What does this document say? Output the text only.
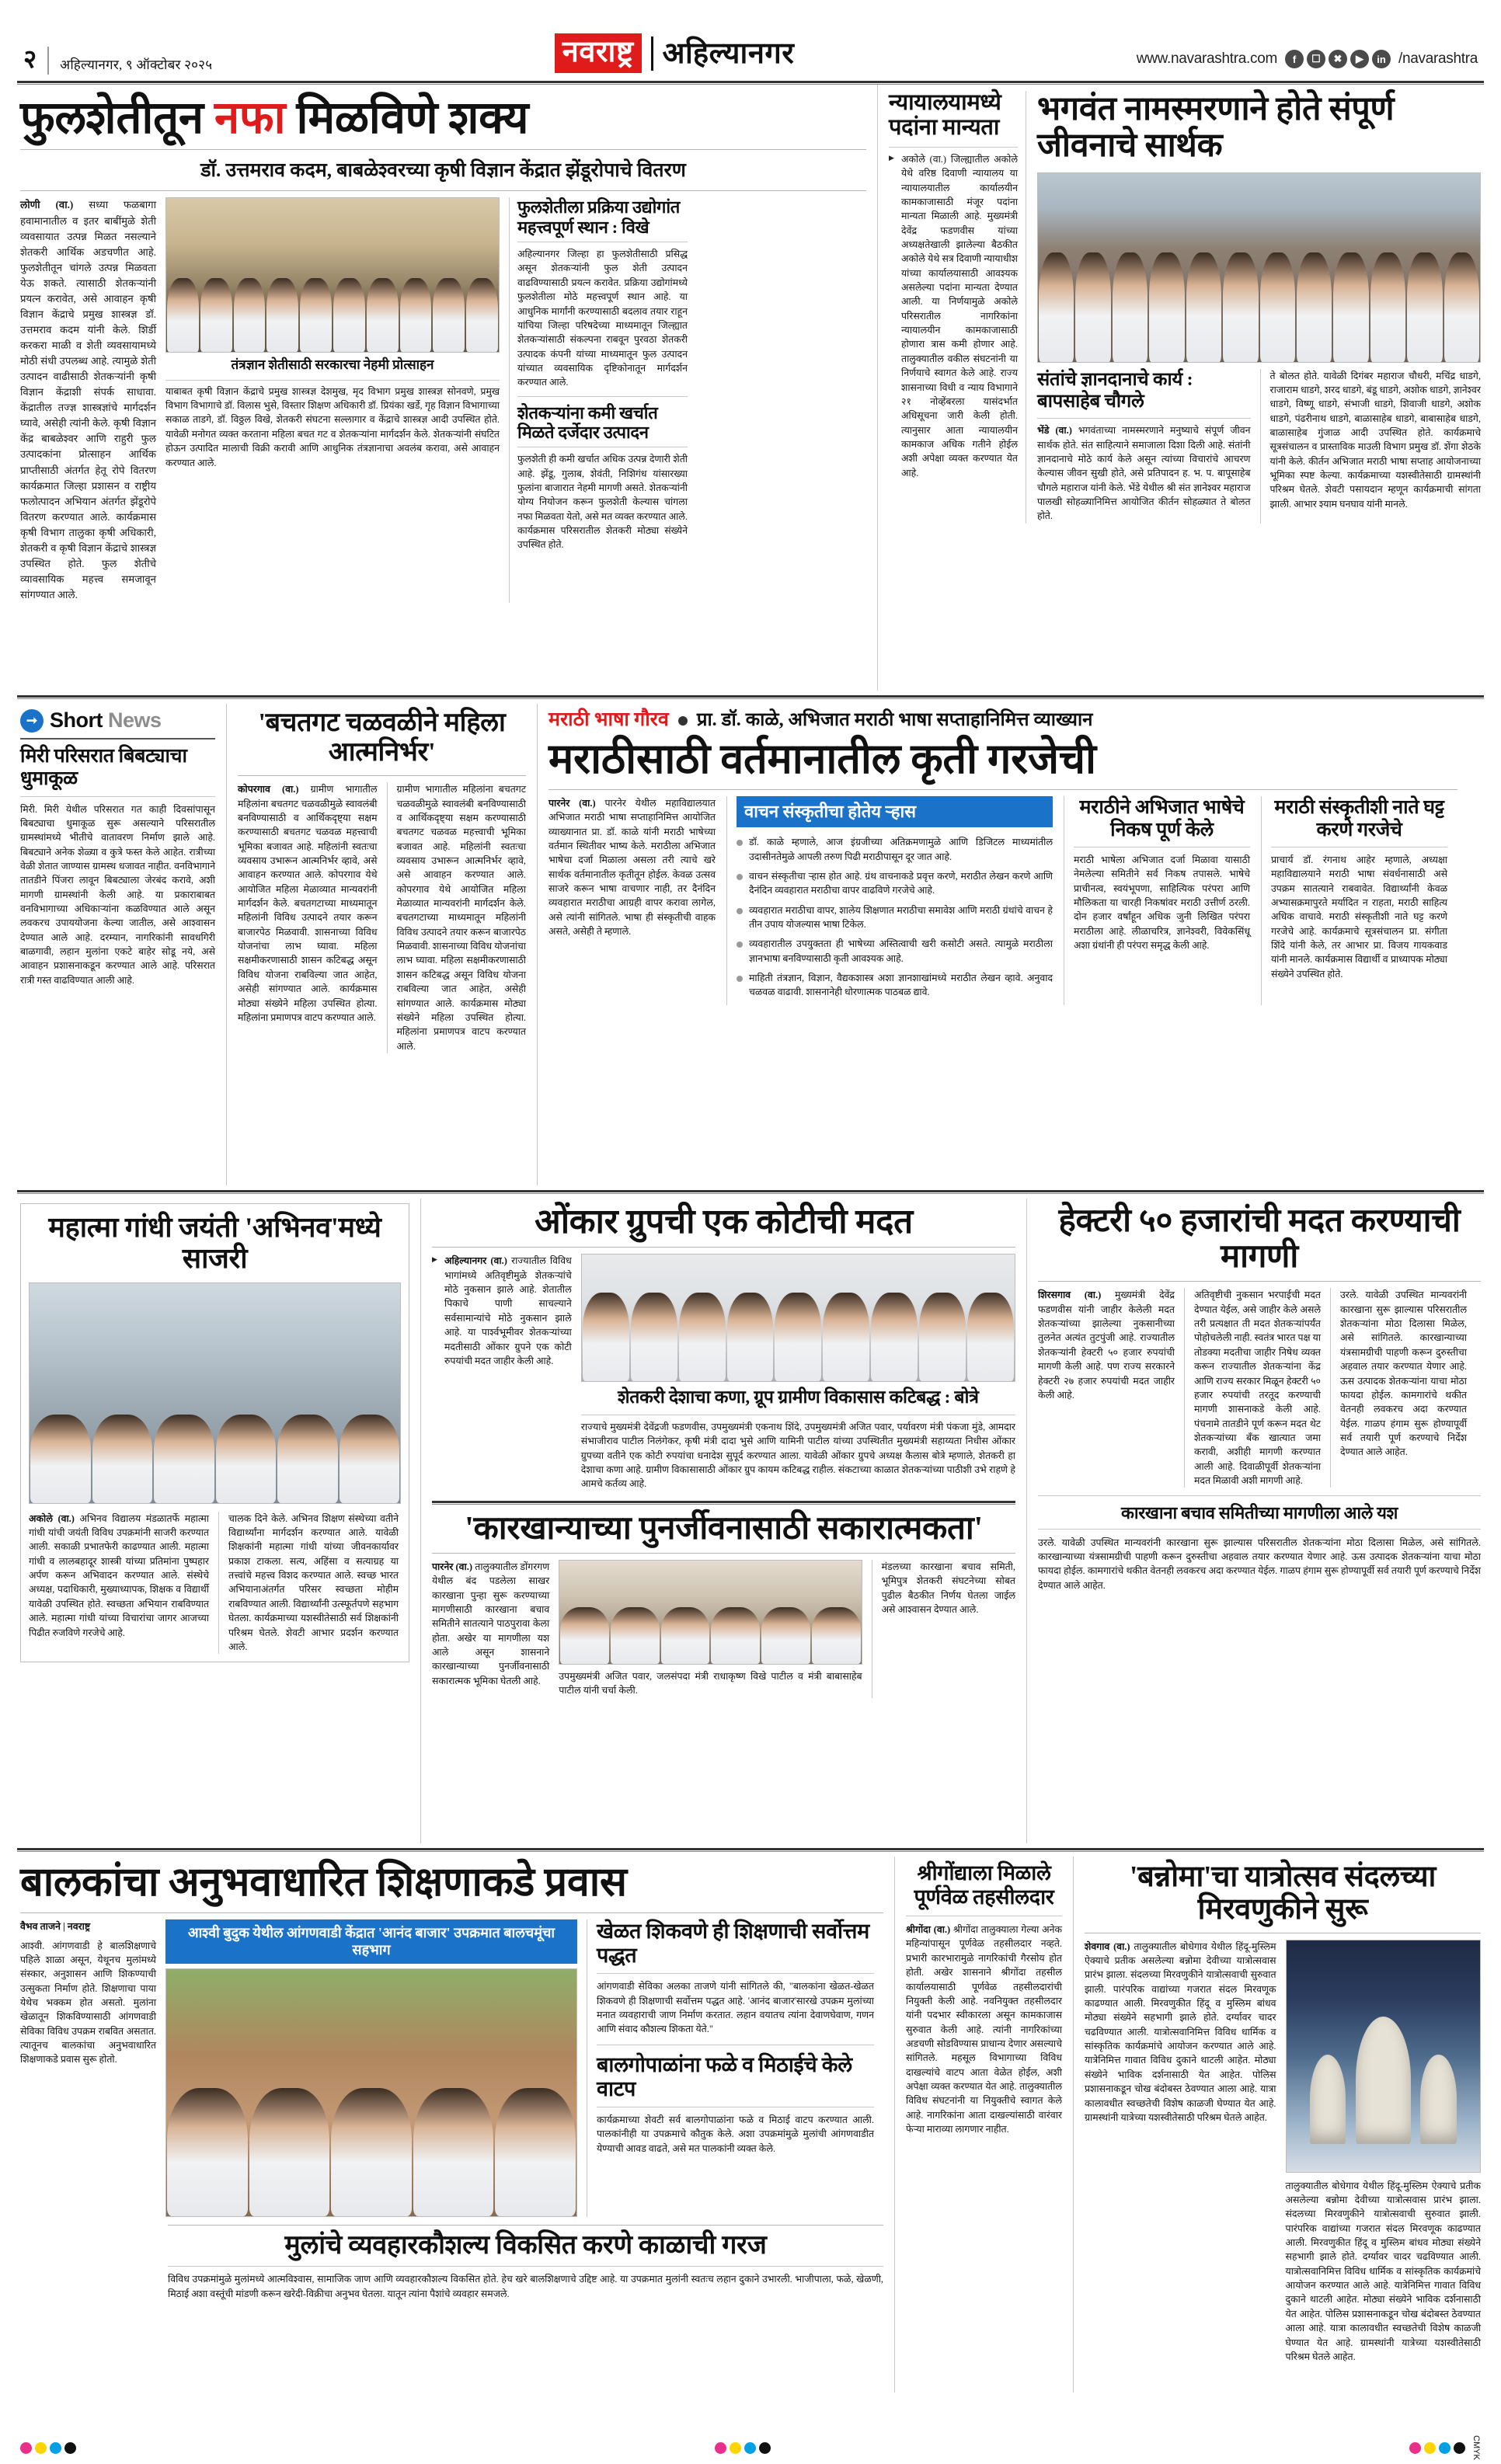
२ अहिल्यानगर, ९ ऑक्टोबर २०२५	नवराष्ट्र अहिल्यानगर	www.navarashtra.com	f	☐	✖	▶	in /navarashtra
फुलशेतीतून नफा मिळविणे शक्य
डॉ. उत्तमराव कदम, बाबळेश्वरच्या कृषी विज्ञान केंद्रात झेंडूरोपाचे वितरण

लोणी (वा.) सध्या फळबागा हवामानातील व इतर बाबींमुळे शेती व्यवसायात उत्पन्न मिळत नसल्याने शेतकरी आर्थिक अडचणीत आहे. फुलशेतीतून चांगले उत्पन्न मिळवता येऊ शकते. त्यासाठी शेतकऱ्यांनी प्रयत्न करावेत, असे आवाहन कृषी विज्ञान केंद्राचे प्रमुख शास्त्रज्ञ डॉ. उत्तमराव कदम यांनी केले. शिर्डी करकरा माळी व शेती व्यवसायामध्ये मोठी संधी उपलब्ध आहे. त्यामुळे शेती उत्पादन वाढीसाठी शेतकऱ्यांनी कृषी विज्ञान केंद्राशी संपर्क साधावा. केंद्रातील तज्ज्ञ शास्त्रज्ञांचे मार्गदर्शन घ्यावे, असेही त्यांनी केले. कृषी विज्ञान केंद्र बाबळेश्वर आणि राहुरी फुल उत्पादकांना प्रोत्साहन आर्थिक प्राप्तीसाठी अंतर्गत हेतू रोपे वितरण कार्यक्रमात जिल्हा प्रशासन व राष्ट्रीय फलोत्पादन अभियान अंतर्गत झेंडूरोपे वितरण करण्यात आले. कार्यक्रमास कृषी विभाग तालुका कृषी अधिकारी, शेतकरी व कृषी विज्ञान केंद्राचे शास्त्रज्ञ उपस्थित होते. फुल शेतीचे व्यावसायिक महत्त्व समजावून सांगण्यात आले.

तंत्रज्ञान शेतीसाठी सरकारचा नेहमी प्रोत्साहन

याबाबत कृषी विज्ञान केंद्राचे प्रमुख शास्त्रज्ञ देशमुख, मृद विभाग प्रमुख शास्त्रज्ञ सोनवणे, प्रमुख विभाग विभागाचे डॉ. विलास भुसे, विस्तार शिक्षण अधिकारी डॉ. प्रियंका खर्डे, गृह विज्ञान विभागाच्या सकाळ ताडगे, डॉ. विठ्ठल विखे, शेतकरी संघटना सल्लागार व केंद्राचे शास्त्रज्ञ आदी उपस्थित होते. यावेळी मनोगत व्यक्त करताना महिला बचत गट व शेतकऱ्यांना मार्गदर्शन केले. शेतकऱ्यांनी संघटित होऊन उत्पादित मालाची विक्री करावी आणि आधुनिक तंत्रज्ञानाचा अवलंब करावा, असे आवाहन करण्यात आले.

फुलशेतीला प्रक्रिया उद्योगांत महत्त्वपूर्ण स्थान : विखे

अहिल्यानगर जिल्हा हा फुलशेतीसाठी प्रसिद्ध असून शेतकऱ्यांनी फुल शेती उत्पादन वाढविण्यासाठी प्रयत्न करावेत. प्रक्रिया उद्योगांमध्ये फुलशेतीला मोठे महत्त्वपूर्ण स्थान आहे. या आधुनिक मार्गांनी करण्यासाठी बदलाव तयार राहून यांचिया जिल्हा परिषदेच्या माध्यमातून जिल्ह्यात शेतकऱ्यांसाठी संकल्पना राबवून पुरवठा शेतकरी उत्पादक कंपनी यांच्या माध्यमातून फुल उत्पादन यांच्यात व्यवसायिक दृष्टिकोनातून मार्गदर्शन करण्यात आले.

शेतकऱ्यांना कमी खर्चात मिळते दर्जेदार उत्पादन

फुलशेती ही कमी खर्चात अधिक उत्पन्न देणारी शेती आहे. झेंडू, गुलाब, शेवंती, निशिगंध यांसारख्या फुलांना बाजारात नेहमी मागणी असते. शेतकऱ्यांनी योग्य नियोजन करून फुलशेती केल्यास चांगला नफा मिळवता येतो, असे मत व्यक्त करण्यात आले. कार्यक्रमास परिसरातील शेतकरी मोठ्या संख्येने उपस्थित होते.

न्यायालयामध्ये पदांना मान्यता
▶ अकोले (वा.) जिल्ह्यातील अकोले येथे वरिष्ठ दिवाणी न्यायालय या न्यायालयातील कार्यालयीन कामकाजासाठी मंजूर पदांना मान्यता मिळाली आहे. मुख्यमंत्री देवेंद्र फडणवीस यांच्या अध्यक्षतेखाली झालेल्या बैठकीत अकोले येथे सत्र दिवाणी न्यायाधीश यांच्या कार्यालयासाठी आवश्यक असलेल्या पदांना मान्यता देण्यात आली. या निर्णयामुळे अकोले परिसरातील नागरिकांना न्यायालयीन कामकाजासाठी होणारा त्रास कमी होणार आहे. तालुक्यातील वकील संघटनांनी या निर्णयाचे स्वागत केले आहे. राज्य शासनाच्या विधी व न्याय विभागाने २१ नोव्हेंबरला यासंदर्भात अधिसूचना जारी केली होती. त्यानुसार आता न्यायालयीन कामकाज अधिक गतीने होईल अशी अपेक्षा व्यक्त करण्यात येत आहे.
भगवंत नामस्मरणाने होते संपूर्ण जीवनाचे सार्थक
संतांचे ज्ञानदानाचे कार्य : बापसाहेब चौगले

भेंडे (वा.) भगवंताच्या नामस्मरणाने मनुष्याचे संपूर्ण जीवन सार्थक होते. संत साहित्याने समाजाला दिशा दिली आहे. संतांनी ज्ञानदानाचे मोठे कार्य केले असून त्यांच्या विचारांचे आचरण केल्यास जीवन सुखी होते, असे प्रतिपादन ह. भ. प. बापूसाहेब चौगले महाराज यांनी केले. भेंडे येथील श्री संत ज्ञानेश्वर महाराज पालखी सोहळ्यानिमित्त आयोजित कीर्तन सोहळ्यात ते बोलत होते.

ते बोलत होते. यावेळी दिगंबर महाराज चौधरी, मचिंद्र धाडगे, राजाराम धाडगे, शरद धाडगे, बंडू धाडगे, अशोक धाडगे, ज्ञानेश्वर धाडगे, विष्णू धाडगे, संभाजी धाडगे, शिवाजी धाडगे, अशोक धाडगे, पंढरीनाथ धाडगे, बाळासाहेब धाडगे, बाबासाहेब धाडगे, बाळासाहेब गुंजाळ आदी उपस्थित होते. कार्यक्रमाचे सूत्रसंचालन व प्रास्ताविक माउली विभाग प्रमुख डॉ. शेंगा शेठके यांनी केले. कीर्तन अभिजात मराठी भाषा सप्ताह आयोजनाच्या भूमिका स्पष्ट केल्या. कार्यक्रमाच्या यशस्वीतेसाठी ग्रामस्थांनी परिश्रम घेतले. शेवटी पसायदान म्हणून कार्यक्रमाची सांगता झाली. आभार श्याम घनघाव यांनी मानले.

➞ Short News
मिरी परिसरात बिबट्याचा धुमाकूळ

मिरी. मिरी येथील परिसरात गत काही दिवसांपासून बिबट्याचा धुमाकूळ सुरू असल्याने परिसरातील ग्रामस्थांमध्ये भीतीचे वातावरण निर्माण झाले आहे. बिबट्याने अनेक शेळ्या व कुत्रे फस्त केले आहेत. रात्रीच्या वेळी शेतात जाण्यास ग्रामस्थ धजावत नाहीत. वनविभागाने तातडीने पिंजरा लावून बिबट्याला जेरबंद करावे, अशी मागणी ग्रामस्थांनी केली आहे. या प्रकाराबाबत वनविभागाच्या अधिकाऱ्यांना कळविण्यात आले असून लवकरच उपाययोजना केल्या जातील, असे आश्वासन देण्यात आले आहे. दरम्यान, नागरिकांनी सावधगिरी बाळगावी, लहान मुलांना एकटे बाहेर सोडू नये, असे आवाहन प्रशासनाकडून करण्यात आले आहे. परिसरात रात्री गस्त वाढविण्यात आली आहे.

'बचतगट चळवळीने महिला आत्मनिर्भर'

कोपरगाव (वा.) ग्रामीण भागातील महिलांना बचतगट चळवळीमुळे स्वावलंबी बनविण्यासाठी व आर्थिकदृष्ट्या सक्षम करण्यासाठी बचतगट चळवळ महत्त्वाची भूमिका बजावत आहे. महिलांनी स्वतःचा व्यवसाय उभारून आत्मनिर्भर व्हावे, असे आवाहन करण्यात आले. कोपरगाव येथे आयोजित महिला मेळाव्यात मान्यवरांनी मार्गदर्शन केले. बचतगटाच्या माध्यमातून महिलांनी विविध उत्पादने तयार करून बाजारपेठ मिळवावी. शासनाच्या विविध योजनांचा लाभ घ्यावा. महिला सक्षमीकरणासाठी शासन कटिबद्ध असून विविध योजना राबविल्या जात आहेत, असेही सांगण्यात आले. कार्यक्रमास मोठ्या संख्येने महिला उपस्थित होत्या. महिलांना प्रमाणपत्र वाटप करण्यात आले.

ग्रामीण भागातील महिलांना बचतगट चळवळीमुळे स्वावलंबी बनविण्यासाठी व आर्थिकदृष्ट्या सक्षम करण्यासाठी बचतगट चळवळ महत्त्वाची भूमिका बजावत आहे. महिलांनी स्वतःचा व्यवसाय उभारून आत्मनिर्भर व्हावे, असे आवाहन करण्यात आले. कोपरगाव येथे आयोजित महिला मेळाव्यात मान्यवरांनी मार्गदर्शन केले. बचतगटाच्या माध्यमातून महिलांनी विविध उत्पादने तयार करून बाजारपेठ मिळवावी. शासनाच्या विविध योजनांचा लाभ घ्यावा. महिला सक्षमीकरणासाठी शासन कटिबद्ध असून विविध योजना राबविल्या जात आहेत, असेही सांगण्यात आले. कार्यक्रमास मोठ्या संख्येने महिला उपस्थित होत्या. महिलांना प्रमाणपत्र वाटप करण्यात आले.

मराठी भाषा गौरव प्रा. डॉ. काळे, अभिजात मराठी भाषा सप्ताहानिमित्त व्याख्यान
मराठीसाठी वर्तमानातील कृती गरजेची

पारनेर (वा.) पारनेर येथील महाविद्यालयात अभिजात मराठी भाषा सप्ताहानिमित्त आयोजित व्याख्यानात प्रा. डॉ. काळे यांनी मराठी भाषेच्या वर्तमान स्थितीवर भाष्य केले. मराठीला अभिजात भाषेचा दर्जा मिळाला असला तरी त्याचे खरे सार्थक वर्तमानातील कृतीतून होईल. केवळ उत्सव साजरे करून भाषा वाचणार नाही, तर दैनंदिन व्यवहारात मराठीचा आग्रही वापर करावा लागेल, असे त्यांनी सांगितले. भाषा ही संस्कृतीची वाहक असते, असेही ते म्हणाले.

वाचन संस्कृतीचा होतेय ऱ्हास
डॉ. काळे म्हणाले, आज इंग्रजीच्या अतिक्रमणामुळे आणि डिजिटल माध्यमांतील उदासीनतेमुळे आपली तरुण पिढी मराठीपासून दूर जात आहे.
वाचन संस्कृतीचा ऱ्हास होत आहे. ग्रंथ वाचनाकडे प्रवृत्त करणे, मराठीत लेखन करणे आणि दैनंदिन व्यवहारात मराठीचा वापर वाढविणे गरजेचे आहे.
व्यवहारात मराठीचा वापर, शालेय शिक्षणात मराठीचा समावेश आणि मराठी ग्रंथांचे वाचन हे तीन उपाय योजल्यास भाषा टिकेल.
व्यवहारातील उपयुक्तता ही भाषेच्या अस्तित्वाची खरी कसोटी असते. त्यामुळे मराठीला ज्ञानभाषा बनविण्यासाठी कृती आवश्यक आहे.
माहिती तंत्रज्ञान, विज्ञान, वैद्यकशास्त्र अशा ज्ञानशाखांमध्ये मराठीत लेखन व्हावे. अनुवाद चळवळ वाढावी. शासनानेही धोरणात्मक पाठबळ द्यावे.
मराठीने अभिजात भाषेचे निकष पूर्ण केले

मराठी भाषेला अभिजात दर्जा मिळावा यासाठी नेमलेल्या समितीने सर्व निकष तपासले. भाषेचे प्राचीनत्व, स्वयंभूपणा, साहित्यिक परंपरा आणि मौलिकता या चारही निकषांवर मराठी उत्तीर्ण ठरली. दोन हजार वर्षांहून अधिक जुनी लिखित परंपरा मराठीला आहे. लीळाचरित्र, ज्ञानेश्वरी, विवेकसिंधू अशा ग्रंथांनी ही परंपरा समृद्ध केली आहे.

मराठी संस्कृतीशी नाते घट्ट करणे गरजेचे

प्राचार्य डॉ. रंगनाथ आहेर म्हणाले, अध्यक्षा महाविद्यालयाने मराठी भाषा संवर्धनासाठी असे उपक्रम सातत्याने राबवावेत. विद्यार्थ्यांनी केवळ अभ्यासक्रमापुरते मर्यादित न राहता, मराठी साहित्य अधिक वाचावे. मराठी संस्कृतीशी नाते घट्ट करणे गरजेचे आहे. कार्यक्रमाचे सूत्रसंचालन प्रा. संगीता शिंदे यांनी केले, तर आभार प्रा. विजय गायकवाड यांनी मानले. कार्यक्रमास विद्यार्थी व प्राध्यापक मोठ्या संख्येने उपस्थित होते.

महात्मा गांधी जयंती 'अभिनव'मध्ये साजरी

अकोले (वा.) अभिनव विद्यालय मंडळातर्फे महात्मा गांधी यांची जयंती विविध उपक्रमांनी साजरी करण्यात आली. सकाळी प्रभातफेरी काढण्यात आली. महात्मा गांधी व लालबहादूर शास्त्री यांच्या प्रतिमांना पुष्पहार अर्पण करून अभिवादन करण्यात आले. संस्थेचे अध्यक्ष, पदाधिकारी, मुख्याध्यापक, शिक्षक व विद्यार्थी यावेळी उपस्थित होते. स्वच्छता अभियान राबविण्यात आले. महात्मा गांधी यांच्या विचारांचा जागर आजच्या पिढीत रुजविणे गरजेचे आहे.

चालक दिने केले. अभिनव शिक्षण संस्थेच्या वतीने विद्यार्थ्यांना मार्गदर्शन करण्यात आले. यावेळी शिक्षकांनी महात्मा गांधी यांच्या जीवनकार्यावर प्रकाश टाकला. सत्य, अहिंसा व सत्याग्रह या तत्त्वांचे महत्त्व विशद करण्यात आले. स्वच्छ भारत अभियानाअंतर्गत परिसर स्वच्छता मोहीम राबविण्यात आली. विद्यार्थ्यांनी उत्स्फूर्तपणे सहभाग घेतला. कार्यक्रमाच्या यशस्वीतेसाठी सर्व शिक्षकांनी परिश्रम घेतले. शेवटी आभार प्रदर्शन करण्यात आले.

ओंकार ग्रुपची एक कोटीची मदत
▶ अहिल्यानगर (वा.) राज्यातील विविध भागांमध्ये अतिवृष्टीमुळे शेतकऱ्यांचे मोठे नुकसान झाले आहे. शेतातील पिकाचे पाणी साचल्याने सर्वसामान्यांचे मोठे नुकसान झाले आहे. या पार्श्वभूमीवर शेतकऱ्यांच्या मदतीसाठी ओंकार ग्रुपने एक कोटी रुपयांची मदत जाहीर केली आहे.
शेतकरी देशाचा कणा, ग्रूप ग्रामीण विकासास कटिबद्ध : बोत्रे

राज्याचे मुख्यमंत्री देवेंद्रजी फडणवीस, उपमुख्यमंत्री एकनाथ शिंदे, उपमुख्यमंत्री अजित पवार, पर्यावरण मंत्री पंकजा मुंडे, आमदार संभाजीराव पाटील निलंगेकर, कृषी मंत्री दादा भुसे आणि यामिनी पाटील यांच्या उपस्थितीत मुख्यमंत्री सहाय्यता निधीस ओंकार ग्रुपच्या वतीने एक कोटी रुपयांचा धनादेश सुपूर्द करण्यात आला. यावेळी ओंकार ग्रुपचे अध्यक्ष कैलास बोत्रे म्हणाले, शेतकरी हा देशाचा कणा आहे. ग्रामीण विकासासाठी ओंकार ग्रुप कायम कटिबद्ध राहील. संकटाच्या काळात शेतकऱ्यांच्या पाठीशी उभे राहणे हे आमचे कर्तव्य आहे.

'कारखान्याच्या पुनर्जीवनासाठी सकारात्मकता'

पारनेर (वा.) तालुक्यातील डोंगरगण येथील बंद पडलेला साखर कारखाना पुन्हा सुरू करण्याच्या मागणीसाठी कारखाना बचाव समितीने सातत्याने पाठपुरावा केला होता. अखेर या मागणीला यश आले असून शासनाने कारखान्याच्या पुनर्जीवनासाठी सकारात्मक भूमिका घेतली आहे.	उपमुख्यमंत्री अजित पवार, जलसंपदा मंत्री राधाकृष्ण विखे पाटील व मंत्री बाबासाहेब पाटील यांनी चर्चा केली.

मंडलच्या कारखाना बचाव समिती, भूमिपुत्र शेतकरी संघटनेच्या सोबत पुढील बैठकीत निर्णय घेतला जाईल असे आश्वासन देण्यात आले.

हेक्टरी ५० हजारांची मदत करण्याची मागणी

शिरसगाव (वा.) मुख्यमंत्री देवेंद्र फडणवीस यांनी जाहीर केलेली मदत शेतकऱ्यांच्या झालेल्या नुकसानीच्या तुलनेत अत्यंत तुटपुंजी आहे. राज्यातील शेतकऱ्यांनी हेक्टरी ५० हजार रुपयांची मागणी केली आहे. पण राज्य सरकारने हेक्टरी २७ हजार रुपयांची मदत जाहीर केली आहे.

अतिवृष्टीची नुकसान भरपाईची मदत देण्यात येईल, असे जाहीर केले असले तरी प्रत्यक्षात ती मदत शेतकऱ्यांपर्यंत पोहोचलेली नाही. स्वतंत्र भारत पक्ष या तोडक्या मदतीचा जाहीर निषेध व्यक्त करून राज्यातील शेतकऱ्यांना केंद्र आणि राज्य सरकार मिळून हेक्टरी ५० हजार रुपयांची तरतूद करण्याची मागणी शासनाकडे केली आहे. पंचनामे तातडीने पूर्ण करून मदत थेट शेतकऱ्यांच्या बँक खात्यात जमा करावी, अशीही मागणी करण्यात आली आहे. दिवाळीपूर्वी शेतकऱ्यांना मदत मिळावी अशी मागणी आहे.

उरले. यावेळी उपस्थित मान्यवरांनी कारखाना सुरू झाल्यास परिसरातील शेतकऱ्यांना मोठा दिलासा मिळेल, असे सांगितले. कारखान्याच्या यंत्रसामग्रीची पाहणी करून दुरुस्तीचा अहवाल तयार करण्यात येणार आहे. ऊस उत्पादक शेतकऱ्यांना याचा मोठा फायदा होईल. कामगारांचे थकीत वेतनही लवकरच अदा करण्यात येईल. गाळप हंगाम सुरू होण्यापूर्वी सर्व तयारी पूर्ण करण्याचे निर्देश देण्यात आले आहेत.

कारखाना बचाव समितीच्या मागणीला आले यश

उरले. यावेळी उपस्थित मान्यवरांनी कारखाना सुरू झाल्यास परिसरातील शेतकऱ्यांना मोठा दिलासा मिळेल, असे सांगितले. कारखान्याच्या यंत्रसामग्रीची पाहणी करून दुरुस्तीचा अहवाल तयार करण्यात येणार आहे. ऊस उत्पादक शेतकऱ्यांना याचा मोठा फायदा होईल. कामगारांचे थकीत वेतनही लवकरच अदा करण्यात येईल. गाळप हंगाम सुरू होण्यापूर्वी सर्व तयारी पूर्ण करण्याचे निर्देश देण्यात आले आहेत.

बालकांचा अनुभवाधारित शिक्षणाकडे प्रवास

वैभव ताजने | नवराष्ट्र

आश्वी. आंगणवाडी हे बालशिक्षणाचे पहिले शाळा असून, येथूनच मुलांमध्ये संस्कार, अनुशासन आणि शिकण्याची उत्सुकता निर्माण होते. शिक्षणाचा पाया येथेच भक्कम होत असतो. मुलांना खेळातून शिकविण्यासाठी आंगणवाडी सेविका विविध उपक्रम राबवित असतात. त्यातूनच बालकांचा अनुभवाधारित शिक्षणाकडे प्रवास सुरू होतो.

आश्वी बुदुक येथील आंगणवाडी केंद्रात 'आनंद बाजार' उपक्रमात बालचमूंचा सहभाग
खेळत शिकवणे ही शिक्षणाची सर्वोत्तम पद्धत

आंगणवाडी सेविका अलका ताजणे यांनी सांगितले की, "बालकांना खेळत-खेळत शिकवणे ही शिक्षणाची सर्वोत्तम पद्धत आहे. 'आनंद बाजार'सारखे उपक्रम मुलांच्या मनात व्यवहाराची जाण निर्माण करतात. लहान वयातच त्यांना देवाणघेवाण, गणन आणि संवाद कौशल्य शिकता येते."

बालगोपाळांना फळे व मिठाईचे केले वाटप

कार्यक्रमाच्या शेवटी सर्व बालगोपाळांना फळे व मिठाई वाटप करण्यात आली. पालकांनीही या उपक्रमाचे कौतुक केले. अशा उपक्रमांमुळे मुलांची आंगणवाडीत येण्याची आवड वाढते, असे मत पालकांनी व्यक्त केले.

मुलांचे व्यवहारकौशल्य विकसित करणे काळाची गरज

विविध उपक्रमांमुळे मुलांमध्ये आत्मविश्वास, सामाजिक जाण आणि व्यवहारकौशल्य विकसित होते. हेच खरे बालशिक्षणाचे उद्दिष्ट आहे. या उपक्रमात मुलांनी स्वतःच लहान दुकाने उभारली. भाजीपाला, फळे, खेळणी, मिठाई अशा वस्तूंची मांडणी करून खरेदी-विक्रीचा अनुभव घेतला. यातून त्यांना पैशांचे व्यवहार समजले.

श्रीगोंद्याला मिळाले पूर्णवेळ तहसीलदार

श्रीगोंदा (वा.) श्रीगोंदा तालुक्याला गेल्या अनेक महिन्यांपासून पूर्णवेळ तहसीलदार नव्हते. प्रभारी कारभारामुळे नागरिकांची गैरसोय होत होती. अखेर शासनाने श्रीगोंदा तहसील कार्यालयासाठी पूर्णवेळ तहसीलदारांची नियुक्ती केली आहे. नवनियुक्त तहसीलदार यांनी पदभार स्वीकारला असून कामकाजास सुरुवात केली आहे. त्यांनी नागरिकांच्या अडचणी सोडविण्यास प्राधान्य देणार असल्याचे सांगितले. महसूल विभागाच्या विविध दाखल्यांचे वाटप आता वेळेत होईल, अशी अपेक्षा व्यक्त करण्यात येत आहे. तालुक्यातील विविध संघटनांनी या नियुक्तीचे स्वागत केले आहे. नागरिकांना आता दाखल्यांसाठी वारंवार फेऱ्या माराव्या लागणार नाहीत.

'बन्नोमा'चा यात्रोत्सव संदलच्या मिरवणुकीने सुरू

शेवगाव (वा.) तालुक्यातील बोधेगाव येथील हिंदू-मुस्लिम ऐक्याचे प्रतीक असलेल्या बन्नोमा देवीच्या यात्रोत्सवास प्रारंभ झाला. संदलच्या मिरवणुकीने यात्रोत्सवाची सुरुवात झाली. पारंपरिक वाद्यांच्या गजरात संदल मिरवणूक काढण्यात आली. मिरवणुकीत हिंदू व मुस्लिम बांधव मोठ्या संख्येने सहभागी झाले होते. दर्ग्यावर चादर चढविण्यात आली. यात्रोत्सवानिमित्त विविध धार्मिक व सांस्कृतिक कार्यक्रमांचे आयोजन करण्यात आले आहे. यात्रेनिमित्त गावात विविध दुकाने थाटली आहेत. मोठ्या संख्येने भाविक दर्शनासाठी येत आहेत. पोलिस प्रशासनाकडून चोख बंदोबस्त ठेवण्यात आला आहे. यात्रा कालावधीत स्वच्छतेची विशेष काळजी घेण्यात येत आहे. ग्रामस्थांनी यात्रेच्या यशस्वीतेसाठी परिश्रम घेतले आहेत.

तालुक्यातील बोधेगाव येथील हिंदू-मुस्लिम ऐक्याचे प्रतीक असलेल्या बन्नोमा देवीच्या यात्रोत्सवास प्रारंभ झाला. संदलच्या मिरवणुकीने यात्रोत्सवाची सुरुवात झाली. पारंपरिक वाद्यांच्या गजरात संदल मिरवणूक काढण्यात आली. मिरवणुकीत हिंदू व मुस्लिम बांधव मोठ्या संख्येने सहभागी झाले होते. दर्ग्यावर चादर चढविण्यात आली. यात्रोत्सवानिमित्त विविध धार्मिक व सांस्कृतिक कार्यक्रमांचे आयोजन करण्यात आले आहे. यात्रेनिमित्त गावात विविध दुकाने थाटली आहेत. मोठ्या संख्येने भाविक दर्शनासाठी येत आहेत. पोलिस प्रशासनाकडून चोख बंदोबस्त ठेवण्यात आला आहे. यात्रा कालावधीत स्वच्छतेची विशेष काळजी घेण्यात येत आहे. ग्रामस्थांनी यात्रेच्या यशस्वीतेसाठी परिश्रम घेतले आहेत.

CMYK
